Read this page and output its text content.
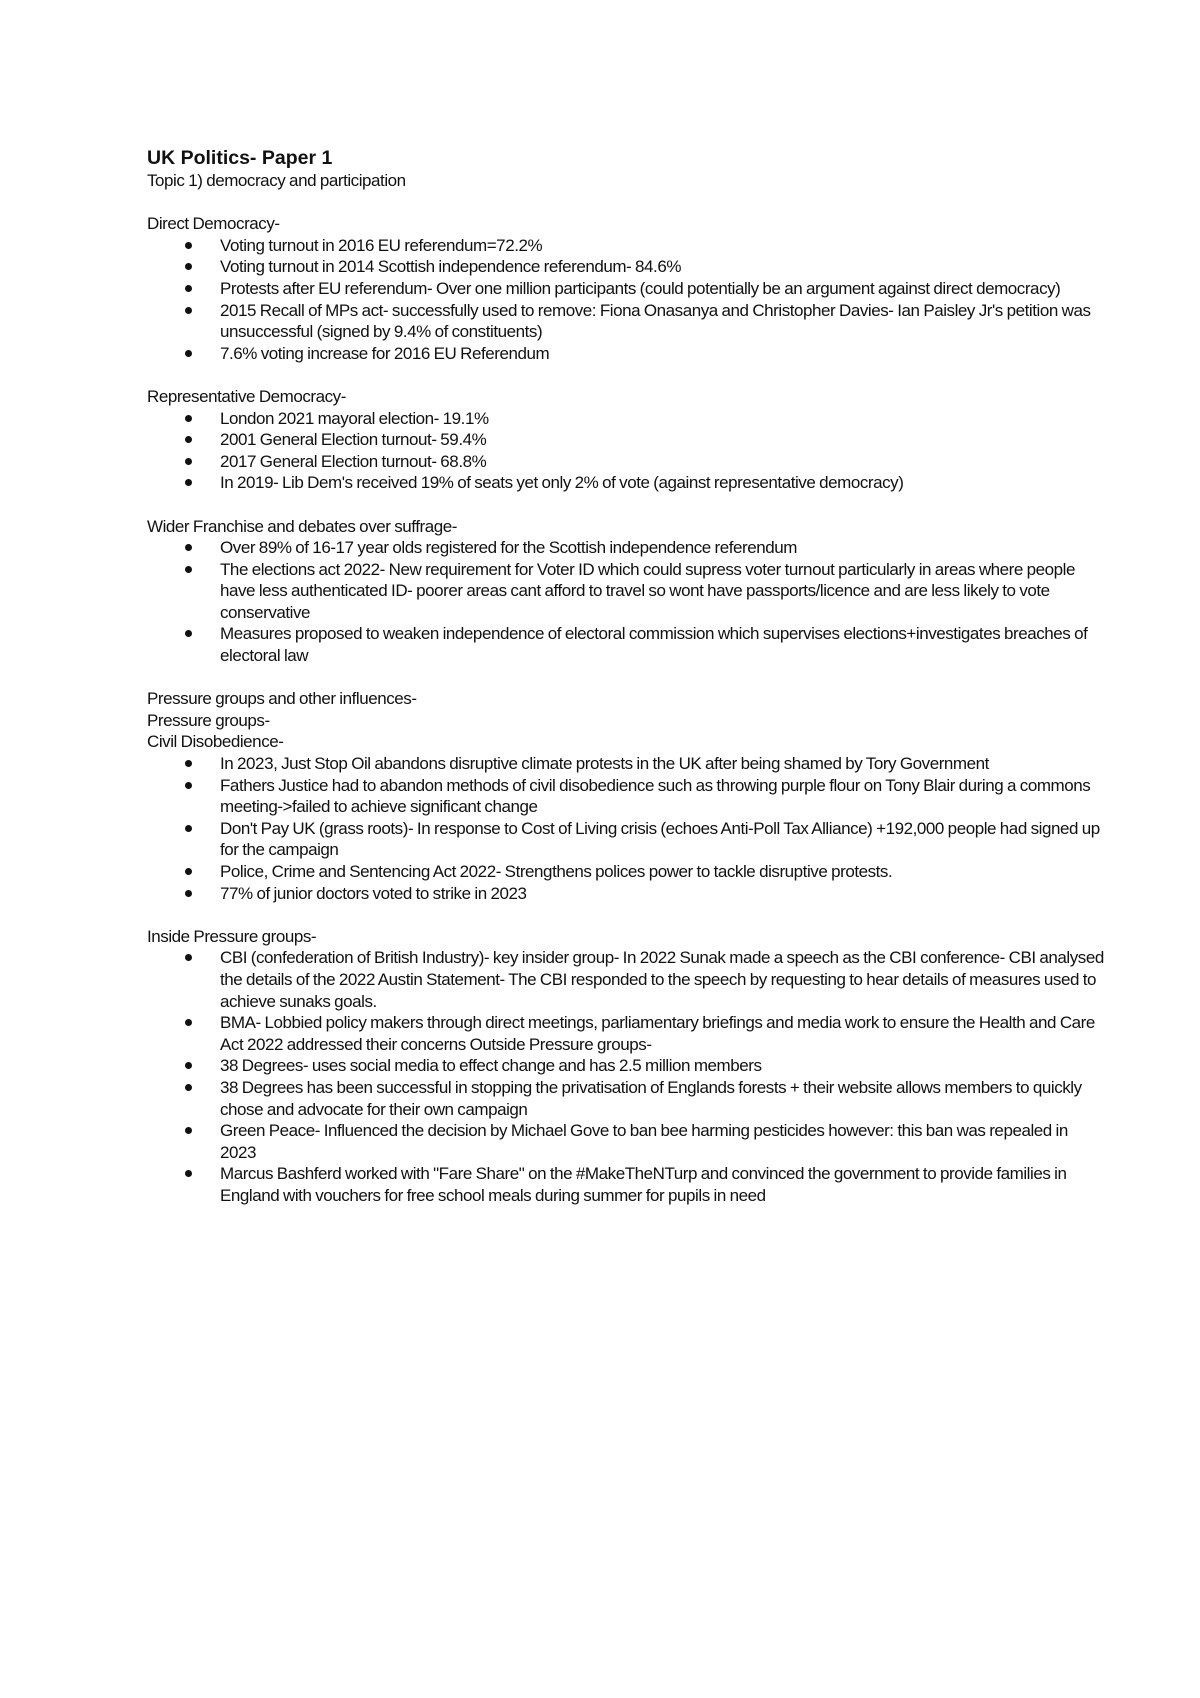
UK Politics- Paper 1
Topic 1) democracy and participation
Direct Democracy-
Voting turnout in 2016 EU referendum=72.2%
Voting turnout in 2014 Scottish independence referendum- 84.6%
Protests after EU referendum- Over one million participants (could potentially be an argument against direct democracy)
2015 Recall of MPs act- successfully used to remove: Fiona Onasanya and Christopher Davies- Ian Paisley Jr's petition was unsuccessful (signed by 9.4% of constituents)
7.6% voting increase for 2016 EU Referendum
Representative Democracy-
London 2021 mayoral election- 19.1%
2001 General Election turnout- 59.4%
2017 General Election turnout- 68.8%
In 2019- Lib Dem's received 19% of seats yet only 2% of vote (against representative democracy)
Wider Franchise and debates over suffrage-
Over 89% of 16-17 year olds registered for the Scottish independence referendum
The elections act 2022- New requirement for Voter ID which could supress voter turnout particularly in areas where people have less authenticated ID- poorer areas cant afford to travel so wont have passports/licence and are less likely to vote conservative
Measures proposed to weaken independence of electoral commission which supervises elections+investigates breaches of electoral law
Pressure groups and other influences-
Pressure groups-
Civil Disobedience-
In 2023, Just Stop Oil abandons disruptive climate protests in the UK after being shamed by Tory Government
Fathers Justice had to abandon methods of civil disobedience such as throwing purple flour on Tony Blair during a commons meeting->failed to achieve significant change
Don't Pay UK (grass roots)- In response to Cost of Living crisis (echoes Anti-Poll Tax Alliance) +192,000 people had signed up for the campaign
Police, Crime and Sentencing Act 2022- Strengthens polices power to tackle disruptive protests.
77% of junior doctors voted to strike in 2023
Inside Pressure groups-
CBI (confederation of British Industry)- key insider group- In 2022 Sunak made a speech as the CBI conference- CBI analysed the details of the 2022 Austin Statement- The CBI responded to the speech by requesting to hear details of measures used to achieve sunaks goals.
BMA- Lobbied policy makers through direct meetings, parliamentary briefings and media work to ensure the Health and Care Act 2022 addressed their concerns Outside Pressure groups-
38 Degrees- uses social media to effect change and has 2.5 million members
38 Degrees has been successful in stopping the privatisation of Englands forests + their website allows members to quickly chose and advocate for their own campaign
Green Peace- Influenced the decision by Michael Gove to ban bee harming pesticides however: this ban was repealed in 2023
Marcus Bashferd worked with "Fare Share" on the #MakeTheNTurp and convinced the government to provide families in England with vouchers for free school meals during summer for pupils in need
